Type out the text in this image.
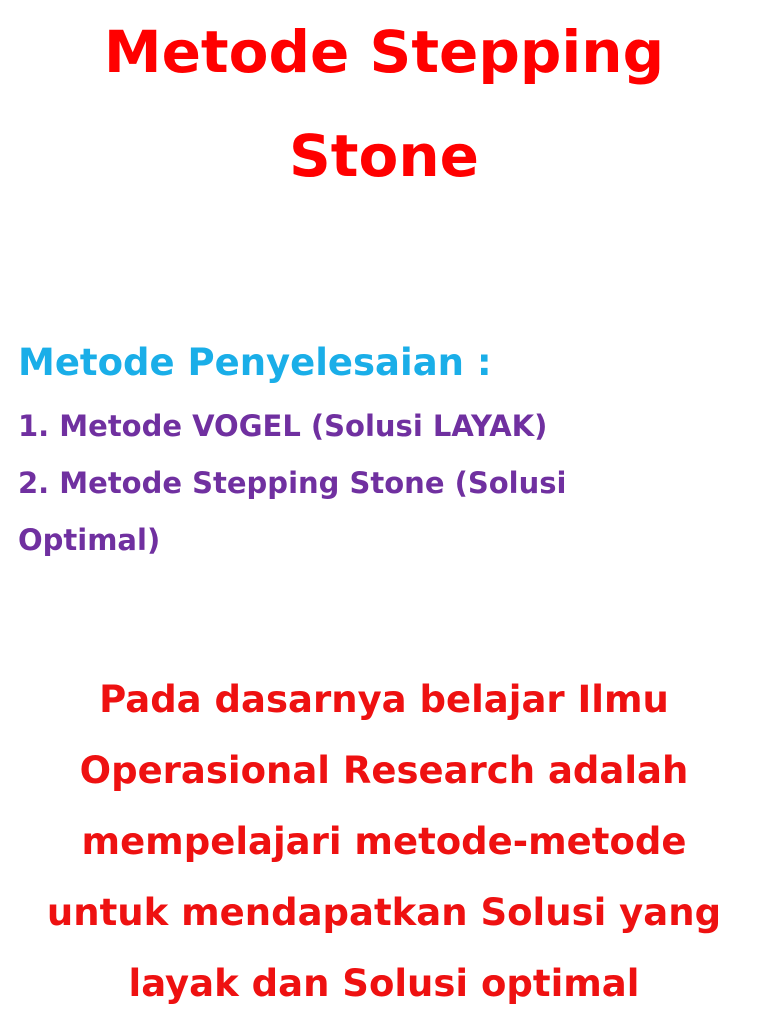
Metode Stepping
Stone
Metode Penyelesaian :
1. Metode VOGEL (Solusi LAYAK)
2. Metode Stepping Stone (Solusi
Optimal)

Pada dasarnya belajar Ilmu
Operasional Research adalah
mempelajari metode-metode
untuk mendapatkan Solusi yang
layak dan Solusi optimal
